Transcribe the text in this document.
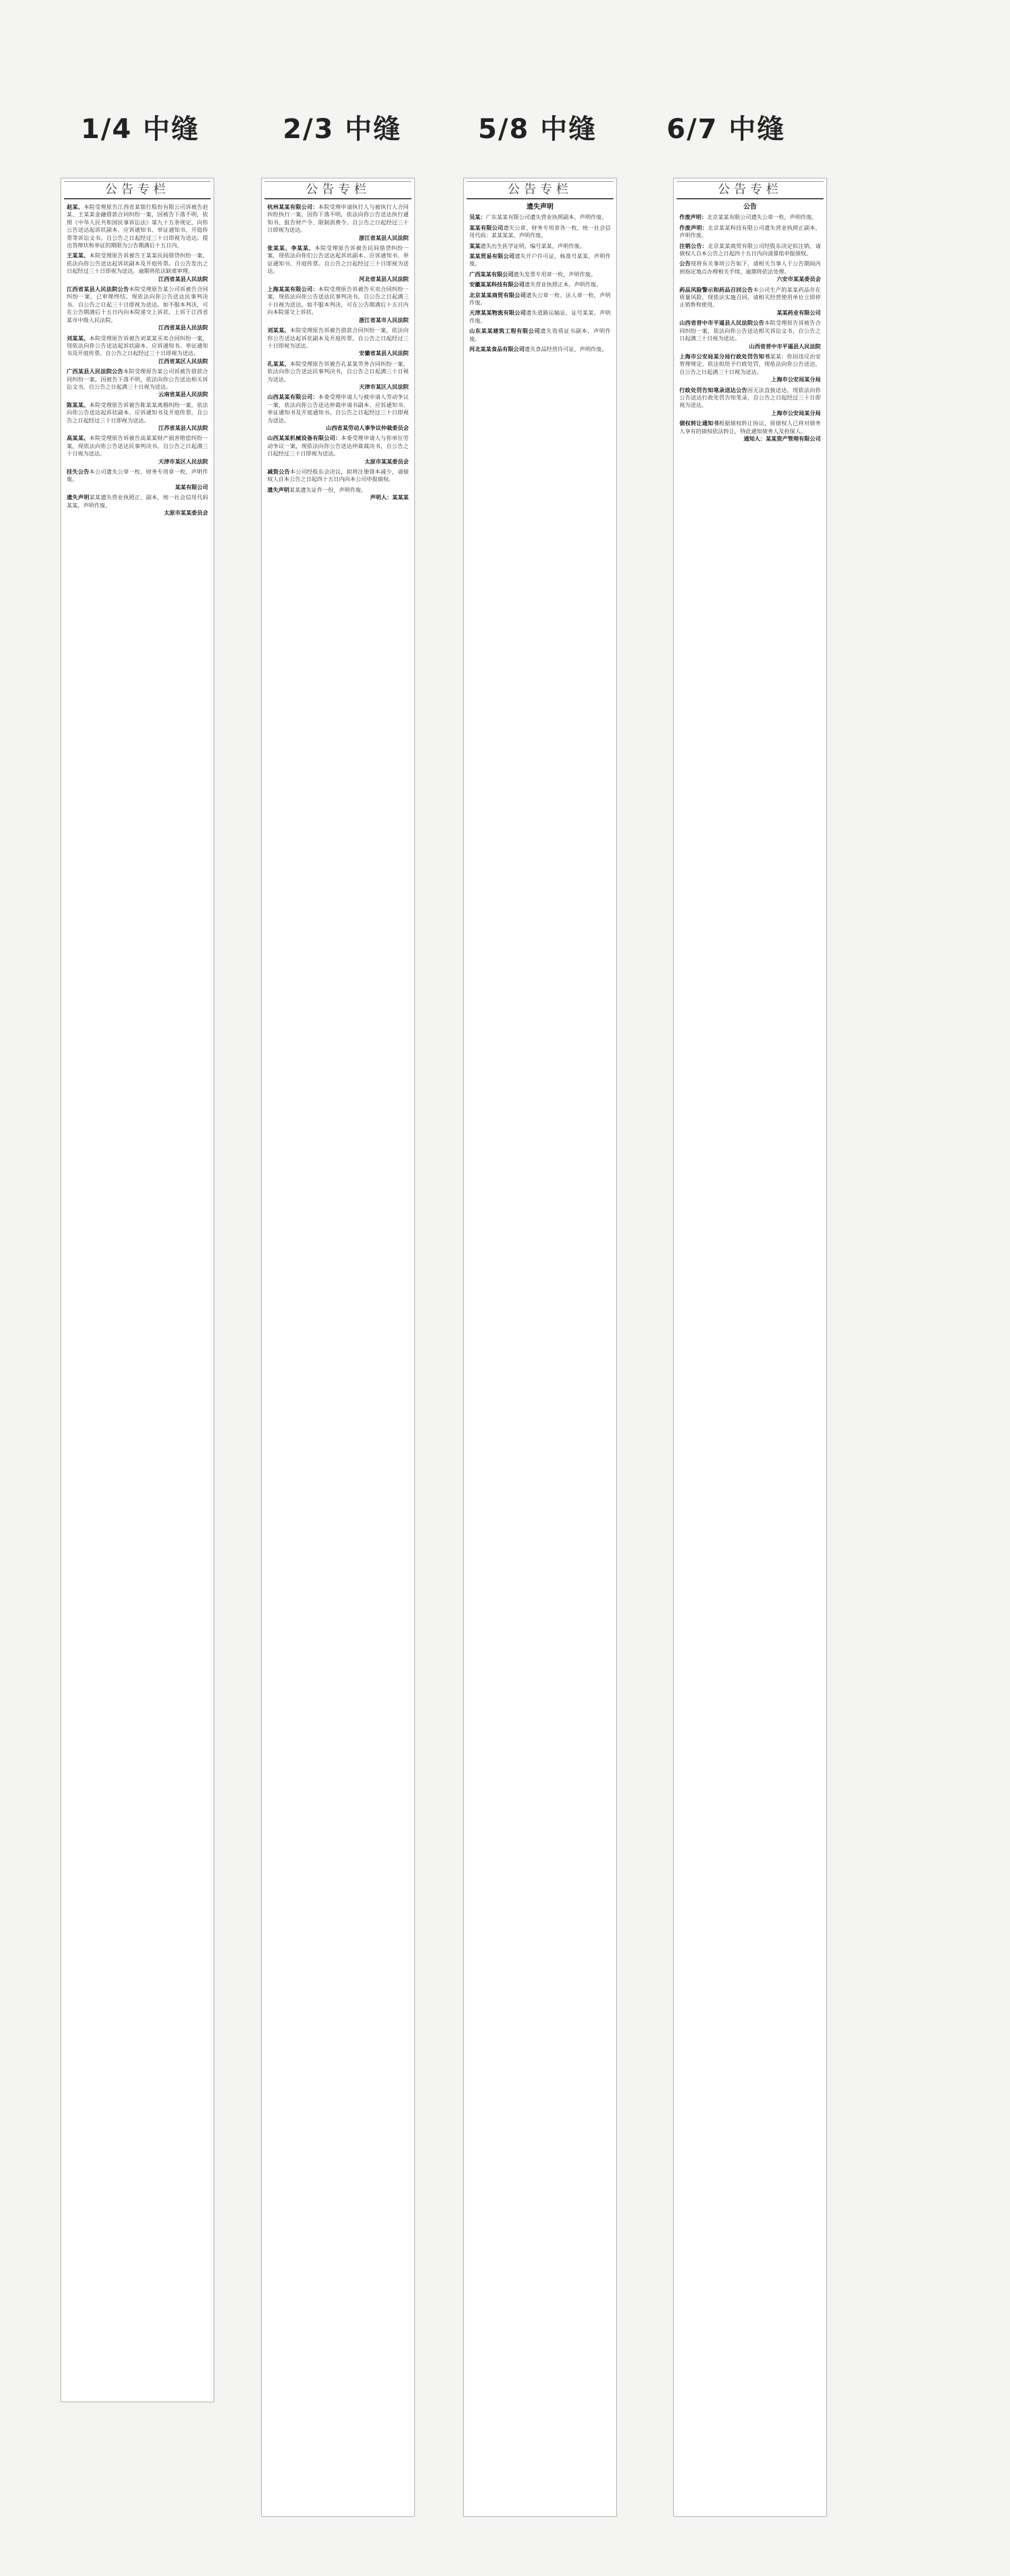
1/4 中缝	2/3 中缝	5/8 中缝	6/7 中缝
公告专栏
赵某、本院受理原告江西省某银行股份有限公司诉被告赵某、王某某金融借款合同纠纷一案，因被告下落不明，依照《中华人民共和国民事诉讼法》第九十五条规定，向你公告送达起诉状副本、应诉通知书、举证通知书、开庭传票等诉讼文书。自公告之日起经过三十日即视为送达。提出答辩状和举证的期限为公告期满后十五日内。
王某某、本院受理原告诉被告王某某民间借贷纠纷一案，依法向你公告送达起诉状副本及开庭传票。自公告发出之日起经过三十日即视为送达。逾期将依法缺席审理。
江西省某县人民法院
江西省某县人民法院公告本院受理原告某公司诉被告合同纠纷一案，已审理终结。现依法向你公告送达民事判决书。自公告之日起三十日即视为送达。如不服本判决，可在公告期满后十五日内向本院递交上诉状，上诉于江西省某市中级人民法院。
江西省某县人民法院
刘某某、本院受理原告诉被告刘某某买卖合同纠纷一案，现依法向你公告送达起诉状副本、应诉通知书、举证通知书及开庭传票。自公告之日起经过三十日即视为送达。
江西省某区人民法院
广西某县人民法院公告本院受理原告某公司诉被告借款合同纠纷一案，因被告下落不明，依法向你公告送达相关诉讼文书，自公告之日起满三十日视为送达。
云南省某县人民法院
陈某某、本院受理原告诉被告陈某某离婚纠纷一案，依法向你公告送达起诉状副本、应诉通知书及开庭传票。自公告之日起经过三十日即视为送达。
江苏省某县人民法院
高某某、本院受理原告诉被告高某某财产损害赔偿纠纷一案，现依法向你公告送达民事判决书，自公告之日起满三十日视为送达。
天津市某区人民法院
挂失公告本公司遗失公章一枚、财务专用章一枚，声明作废。
某某有限公司
遗失声明某某遗失营业执照正、副本，统一社会信用代码某某，声明作废。
太原市某某委员会
公告专栏
杭州某某有限公司：本院受理申请执行人与被执行人合同纠纷执行一案，因你下落不明，依法向你公告送达执行通知书、报告财产令、限制消费令。自公告之日起经过三十日即视为送达。
浙江省某县人民法院
张某某、李某某、本院受理原告诉被告民间借贷纠纷一案，现依法向你们公告送达起诉状副本、应诉通知书、举证通知书、开庭传票。自公告之日起经过三十日即视为送达。
河北省某县人民法院
上海某某有限公司：本院受理原告诉被告买卖合同纠纷一案，现依法向你公告送达民事判决书，自公告之日起满三十日视为送达。如不服本判决，可在公告期满后十五日内向本院递交上诉状。
浙江省某市人民法院
刘某某、本院受理原告诉被告借款合同纠纷一案，依法向你公告送达起诉状副本及开庭传票，自公告之日起经过三十日即视为送达。
安徽省某县人民法院
孔某某、本院受理原告诉被告孔某某劳务合同纠纷一案，依法向你公告送达民事判决书，自公告之日起满三十日视为送达。
天津市某区人民法院
山西某某有限公司：本委受理申请人与被申请人劳动争议一案，依法向你公告送达仲裁申请书副本、应诉通知书、举证通知书及开庭通知书。自公告之日起经过三十日即视为送达。
山西省某劳动人事争议仲裁委员会
山西某某机械设备有限公司：本委受理申请人与你单位劳动争议一案，现依法向你公告送达仲裁裁决书，自公告之日起经过三十日即视为送达。
太原市某某委员会
减资公告本公司经股东会决议，拟将注册资本减少，请债权人自本公告之日起四十五日内向本公司申报债权。
遗失声明某某遗失证件一份，声明作废。
声明人：某某某
公告专栏
遗失声明
吴某：广东某某有限公司遗失营业执照副本，声明作废。
某某有限公司遗失公章、财务专用章各一枚，统一社会信用代码：某某某某，声明作废。
某某遗失出生医学证明，编号某某，声明作废。
某某贸易有限公司遗失开户许可证，核准号某某，声明作废。
广西某某有限公司遗失发票专用章一枚，声明作废。
安徽某某科技有限公司遗失营业执照正本，声明作废。
北京某某商贸有限公司遗失公章一枚、法人章一枚，声明作废。
天津某某物流有限公司遗失道路运输证，证号某某，声明作废。
山东某某建筑工程有限公司遗失资质证书副本，声明作废。
河北某某食品有限公司遗失食品经营许可证，声明作废。
公告专栏
公告
作废声明：北京某某有限公司遗失公章一枚，声明作废。
作废声明：北京某某科技有限公司遗失营业执照正副本，声明作废。
注销公告：北京某某商贸有限公司经股东决定拟注销，请债权人自本公告之日起四十五日内向清算组申报债权。
公告现将有关事项公告如下，请相关当事人于公告期间内到指定地点办理相关手续，逾期将依法处理。
六安市某某委员会
药品风险警示和药品召回公告本公司生产的某某药品存在质量风险，现依法实施召回，请相关经营使用单位立即停止销售和使用。
某某药业有限公司
山西省晋中市平遥县人民法院公告本院受理原告诉被告合同纠纷一案，依法向你公告送达相关诉讼文书，自公告之日起满三十日视为送达。
山西省晋中市平遥县人民法院
上海市公安局某分局行政处罚告知书某某：你因违反治安管理规定，依法拟给予行政处罚，现依法向你公告送达，自公告之日起满三十日视为送达。
上海市公安局某分局
行政处罚告知笔录送达公告因无法直接送达，现依法向你公告送达行政处罚告知笔录，自公告之日起经过三十日即视为送达。
上海市公安局某分局
债权转让通知书根据债权转让协议，原债权人已将对债务人享有的债权依法转让，特此通知债务人及担保人。
通知人：某某资产管理有限公司
